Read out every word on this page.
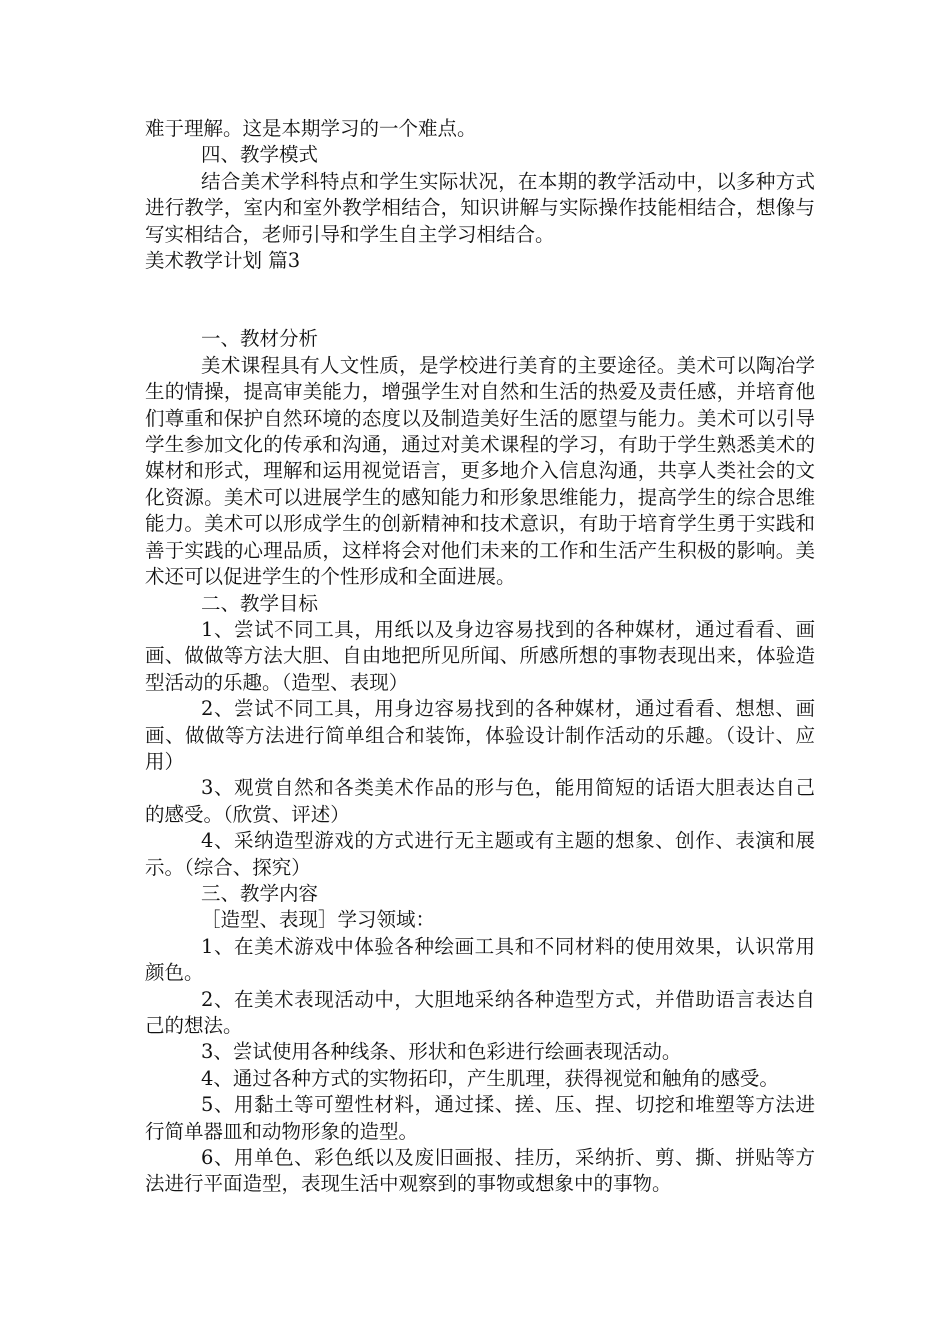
难于理解。这是本期学习的一个难点。

四、教学模式

结合美术学科特点和学生实际状况，在本期的教学活动中，以多种方式进行教学，室内和室外教学相结合，知识讲解与实际操作技能相结合，想像与写实相结合，老师引导和学生自主学习相结合。

美术教学计划 篇3

一、教材分析

美术课程具有人文性质，是学校进行美育的主要途径。美术可以陶冶学生的情操，提高审美能力，增强学生对自然和生活的热爱及责任感，并培育他们尊重和保护自然环境的态度以及制造美好生活的愿望与能力。美术可以引导学生参加文化的传承和沟通，通过对美术课程的学习，有助于学生熟悉美术的媒材和形式，理解和运用视觉语言，更多地介入信息沟通，共享人类社会的文化资源。美术可以进展学生的感知能力和形象思维能力，提高学生的综合思维能力。美术可以形成学生的创新精神和技术意识，有助于培育学生勇于实践和善于实践的心理品质，这样将会对他们未来的工作和生活产生积极的影响。美术还可以促进学生的个性形成和全面进展。

二、教学目标

1、尝试不同工具，用纸以及身边容易找到的各种媒材，通过看看、画画、做做等方法大胆、自由地把所见所闻、所感所想的事物表现出来，体验造型活动的乐趣。（造型、表现）

2、尝试不同工具，用身边容易找到的各种媒材，通过看看、想想、画画、做做等方法进行简单组合和装饰，体验设计制作活动的乐趣。（设计、应用）

3、观赏自然和各类美术作品的形与色，能用简短的话语大胆表达自己的感受。（欣赏、评述）

4、采纳造型游戏的方式进行无主题或有主题的想象、创作、表演和展示。（综合、探究）

三、教学内容

［造型、表现］学习领域：

1、在美术游戏中体验各种绘画工具和不同材料的使用效果，认识常用颜色。

2、在美术表现活动中，大胆地采纳各种造型方式，并借助语言表达自己的想法。

3、尝试使用各种线条、形状和色彩进行绘画表现活动。

4、通过各种方式的实物拓印，产生肌理，获得视觉和触角的感受。

5、用黏土等可塑性材料，通过揉、搓、压、捏、切挖和堆塑等方法进行简单器皿和动物形象的造型。

6、用单色、彩色纸以及废旧画报、挂历，采纳折、剪、撕、拼贴等方法进行平面造型，表现生活中观察到的事物或想象中的事物。
